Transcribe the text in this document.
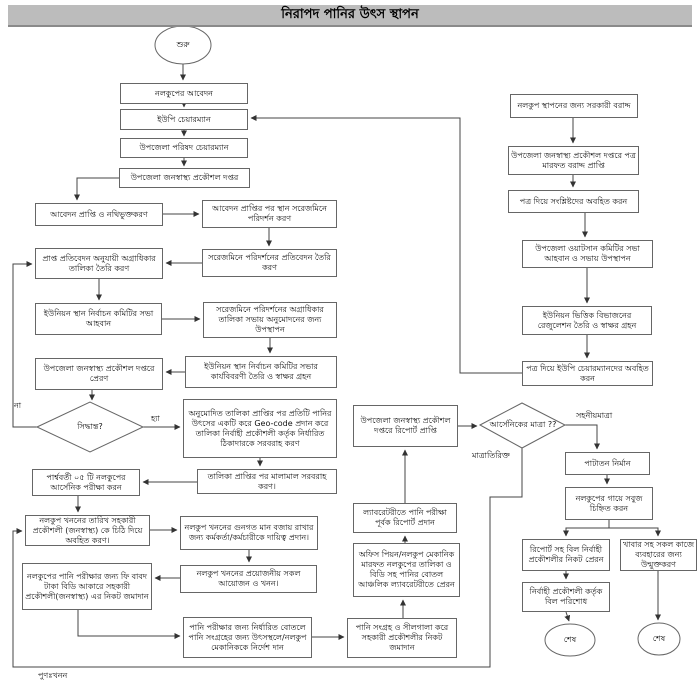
নিরাপদ পানির উৎস স্থাপন
শুরু
সিদ্ধান্ত?	আর্সেনিকের মাত্রা ??
শেষ	শেষ
না
হ্যা	সহনীয়মাত্রা
মাত্রাতিরিক্ত
পুণঃখনন
নলকুপের আবেদন
ইউপি চেয়ারম্যান
উপজেলা পরিষদ চেয়ারম্যান
উপজেলা জনস্বাস্থ্য প্রকৌশল দপ্তর
আবেদন প্রাপ্তি ও নথিভুক্তকরণ
আবেদন প্রাপ্তির পর স্থান সরেজমিনে পরিদর্শন করণ
প্রাপ্ত প্রতিবেদন অনুযায়ী অগ্রাধিকার তালিকা তৈরি করণ
সরেজমিনে পরিদর্শনের প্রতিবেদন তৈরি করণ
ইউনিয়ন স্থান নির্বাচন কমিটির সভা আহবান
সরেজমিনে পরিদর্শনের অগ্রাধিকার তালিকা সভায় অনুমোদনের জন্য উপস্থাপন
উপজেলা জনস্বাস্থ্য প্রকৌশল দপ্তরে প্রেরণ
ইউনিয়ন স্থান নির্বাচন কমিটির সভার কার্যবিবরণী তৈরি ও স্বাক্ষর গ্রহন
অনুমোদিত তালিকা প্রাপ্তির পর প্রতিটি পানির উৎসের একটি করে Geo-code প্রদান করে তালিকা নির্বাহী প্রকৌশলী কর্তৃক নির্ধারিত ঠিকাদারকে সরবরাহ করণ
পার্শ্ববর্তী ০৫ টি নলকুপের আর্সেনিক পরীক্ষা করন
তালিকা প্রাপ্তির পর মালামাল সরবরাহ করণ।
নলকুপ খননের তারিখ সহকারী প্রকৌশলী (জনস্বাস্থ্য) কে চিঠি দিয়ে অবহিত করণ।
নলকুপ খননের গুনগত মান বজায় রাখার জন্য কর্মকর্তা/কর্মচারীকে দায়িত্ব প্রদান।
নলকুপের পানি পরীক্ষার জন্য ফি বাবদ টাকা বিডি আকারে সহকারী প্রকৌশলী(জনস্বাস্থ্য) এর নিকট জমাদান
নলকুপ খননের প্রয়োজনীয় সকল আয়োজন ও খনন।
পানি পরীক্ষার জন্য নির্ধারিত বোতলে পানি সংগ্রহের জন্য উৎসস্থলে/নলকুপ মেকানিককে নির্দেশ দান
পানি সংগ্রহ ও সীলগালা করে সহকারী প্রকৌশলীর নিকট জমাদান
অফিস পিয়ন/নলকুপ মেকানিক মারফত নলকুপের তালিকা ও বিডি সহ পানির বোতল আঞ্চলিক ল্যাবরেটরীতে প্রেরন
ল্যাবরেটরীতে পানি পরীক্ষা পূর্বক রিপোর্ট প্রদান
উপজেলা জনস্বাস্থ্য প্রকৌশল দপ্তরে রিপোর্ট প্রাপ্তি
নলকুপ স্থাপনের জন্য সরকারী বরাদ্দ
উপজেলা জনস্বাস্থ্য প্রকৌশল দপ্তরে পত্র মারফত বরাদ্দ প্রাপ্তি
পত্র দিয়ে সংশ্লিষ্টদের অবহিত করন
উপজেলা ওয়াটসান কমিটির সভা আহবান ও সভায় উপস্থাপন
ইউনিয়ন ভিত্তিক বিভাজনের রেজুলেশন তৈরি ও স্বাক্ষর গ্রহন
পত্র দিয়ে ইউপি চেয়ারম্যানদের অবহিত করন
পাটাতন নির্মান
নলকুপের গায়ে সবুজ চিহ্নিত করন
রিপোর্ট সহ বিল নির্বাহী প্রকৌশলীর নিকট প্রেরন
খাবার সহ সকল কাজে ব্যবহারের জন্য উন্মুক্তকরণ
নির্বাহী প্রকৌশলী কর্তৃক বিল পরিশোধ
